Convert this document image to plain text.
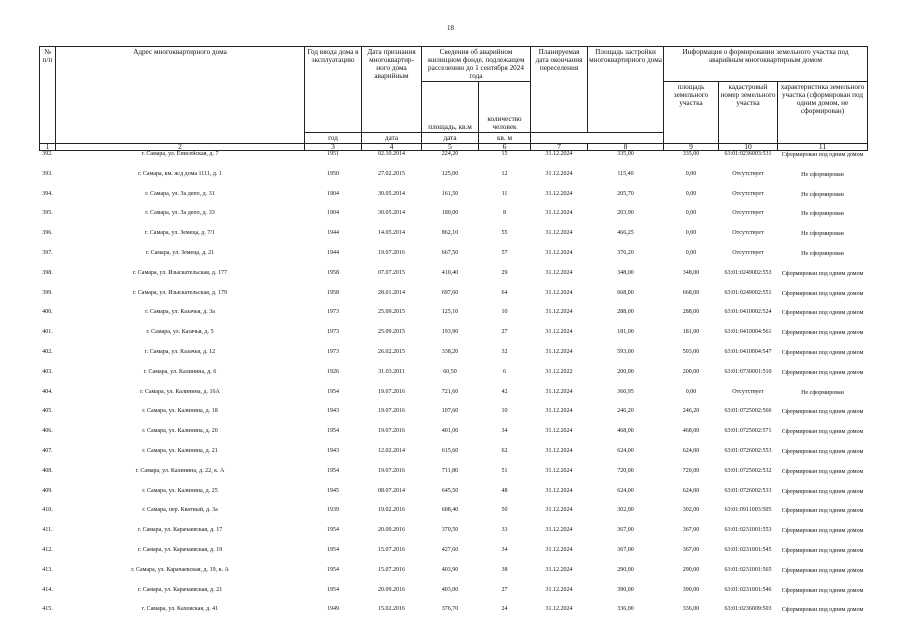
18
№ п/п	Адрес многоквартирного дома	Год ввода дома в эксплуатацию	Дата признания многоквартир-ного дома аварийным	Сведения об аварийном жилищном фонде, подлежащем расселению до 1 сентября 2024 года		Планируемая дата окончания переселения	Площадь застройки многоквартирного дома	Информация о формировании земельного участка под аварийным многоквартирным домом		
				площадь, кв.м	количество человек			площадь земельного участка	кадастровый номер земельного участка	характеристика земельного участка (сформирован под одним домом, не сформирован)
		год	дата	дата	кв. м					
1	2	3	4	5	6	7	8	9	10	11
392.	г. Самара, ул. Енисейская, д. 7	1951	02.10.2014	224,20	15	31.12.2024	335,00	335,00	63:01:0236003:531	Сформирован под одним домом
393.	г. Самара, км. ж/д дома 1111, д. 1	1950	27.02.2015	125,00	12	31.12.2024	115,40	0,00	Отсутствует	Не сформирован
394.	г. Самара, ул. За депо, д. 31	1904	30.05.2014	161,50	11	31.12.2024	205,70	0,00	Отсутствует	Не сформирован
395.	г. Самара, ул. За депо, д. 33	1904	30.05.2014	180,00	8	31.12.2024	203,90	0,00	Отсутствует	Не сформирован
396.	г. Самара, ул. Земеца, д. 7/1	1944	14.05.2014	862,10	55	31.12.2024	466,25	0,00	Отсутствует	Не сформирован
397.	г. Самара, ул. Земеца, д. 21	1944	19.07.2016	667,50	57	31.12.2024	376,20	0,00	Отсутствует	Не сформирован
398.	г. Самара, ул. Изыскательская, д. 177	1958	07.07.2015	410,40	29	31.12.2024	348,00	348,00	63:01:0249002:553	Сформирован под одним домом
399.	г. Самара, ул. Изыскательская, д. 179	1958	28.01.2014	697,60	64	31.12.2024	668,00	668,00	63:01:0249002:551	Сформирован под одним домом
400.	г. Самара, ул. Казачья, д. 3а	1973	25.09.2015	125,10	10	31.12.2024	288,00	288,00	63:01:0410002:524	Сформирован под одним домом
401.	г. Самара, ул. Казачья, д. 5	1973	25.09.2015	193,90	27	31.12.2024	181,00	181,00	63:01:0410004:561	Сформирован под одним домом
402.	г. Самара, ул. Казачья, д. 12	1973	26.02.2015	338,20	32	31.12.2024	593,00	593,00	63:01:0410004:547	Сформирован под одним домом
403.	г. Самара, ул. Калинина, д. 6	1926	31.03.2011	60,50	6	31.12.2022	200,00	200,00	63:01:0730001:510	Сформирован под одним домом
404.	г. Самара, ул. Калинина, д. 16А	1954	19.07.2016	721,60	42	31.12.2024	360,95	0,00	Отсутствует	Не сформирован
405.	г. Самара, ул. Калинина, д. 18	1943	19.07.2016	107,60	10	31.12.2024	246,20	246,20	63:01:0725002:566	Сформирован под одним домом
406.	г. Самара, ул. Калинина, д. 20	1954	19.07.2016	401,00	34	31.12.2024	468,00	468,00	63:01:0725002:571	Сформирован под одним домом
407.	г. Самара, ул. Калинина, д. 21	1943	12.02.2014	615,60	62	31.12.2024	624,00	624,00	63:01:0726002:553	Сформирован под одним домом
408.	г. Самара, ул. Калинина, д. 22, к. А	1954	19.07.2016	711,80	51	31.12.2024	720,00	720,00	63:01:0725002:532	Сформирован под одним домом
409.	г. Самара, ул. Калинина, д. 25	1945	08.07.2014	645,50	48	31.12.2024	624,00	624,00	63:01:0726002:533	Сформирован под одним домом
410.	г. Самара, пер. Кватный, д. 3а	1939	19.02.2016	608,40	50	31.12.2024	302,00	302,00	63:01:0911003:505	Сформирован под одним домом
411.	г. Самара, ул. Карачаевская, д. 17	1954	20.09.2016	370,50	33	31.12.2024	367,00	367,00	63:01:0231001:553	Сформирован под одним домом
412.	г. Самара, ул. Карачаевская, д. 19	1954	15.07.2016	427,60	34	31.12.2024	367,00	367,00	63:01:0231001:545	Сформирован под одним домом
413.	г. Самара, ул. Карачаевская, д. 19, к. А	1954	15.07.2016	403,90	38	31.12.2024	290,00	290,00	63:01:0231001:565	Сформирован под одним домом
414.	г. Самара, ул. Карачаевская, д. 21	1954	20.09.2016	403,00	27	31.12.2024	390,00	390,00	63:01:0231001:546	Сформирован под одним домом
415.	г. Самара, ул. Каховская, д. 41	1949	15.02.2016	376,70	24	31.12.2024	336,00	336,00	63:01:0236009:503	Сформирован под одним домом
